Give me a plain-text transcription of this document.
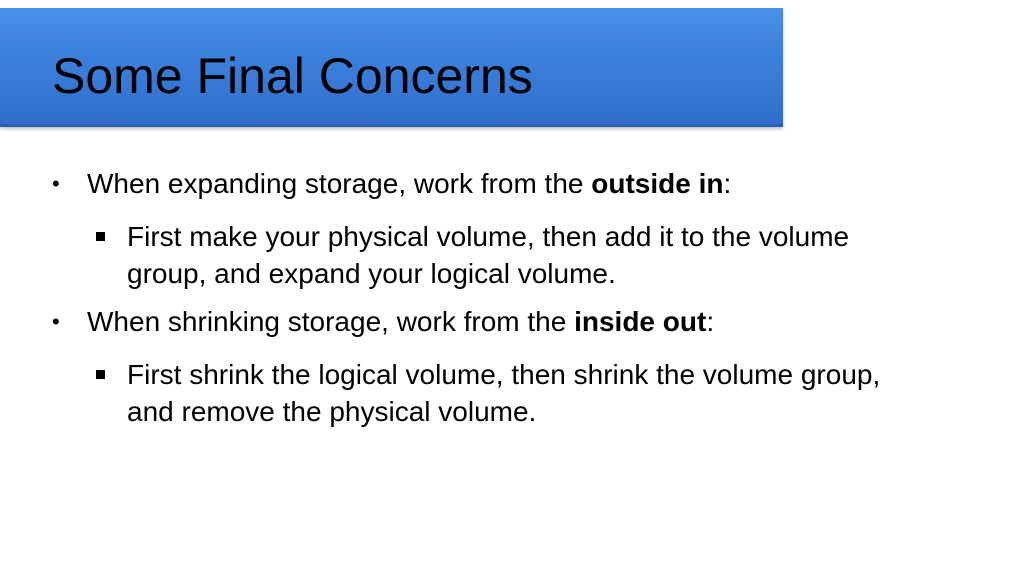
Some Final Concerns
• When expanding storage, work from the outside in:
First make your physical volume, then add it to the volume group, and expand your logical volume.
• When shrinking storage, work from the inside out:
First shrink the logical volume, then shrink the volume group, and remove the physical volume.
